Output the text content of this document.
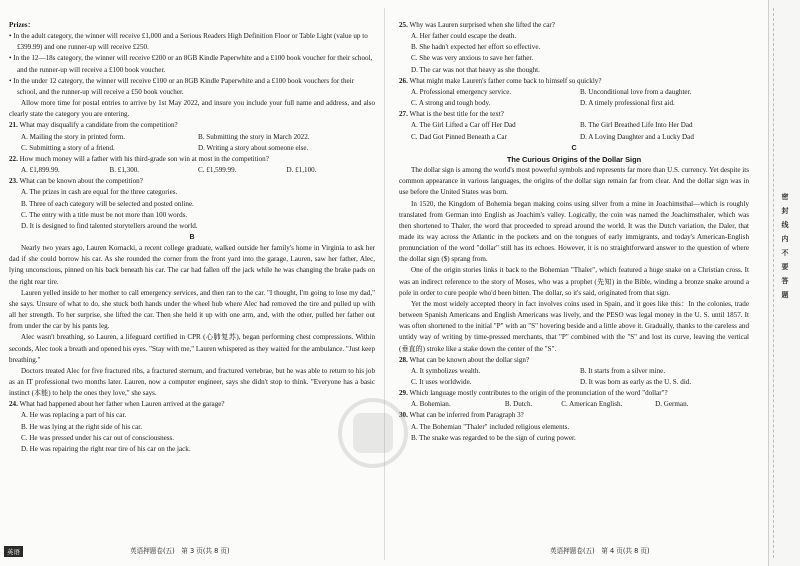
Prizes：
• In the adult category, the winner will receive £1,000 and a Serious Readers High Definition Floor or Table Light (value up to £399.99) and one runner-up will receive £250.
• In the 12—18s category, the winner will receive £200 or an 8GB Kindle Paperwhite and a £100 book voucher for their school, and the runner-up will receive a £100 book voucher.
• In the under 12 category, the winner will receive £100 or an 8GB Kindle Paperwhite and a £100 book vouchers for their school, and the runner-up will receive a £50 book voucher.
Allow more time for postal entries to arrive by 1st May 2022, and insure you include your full name and address, and also clearly state the category you are entering.
21. What may disqualify a candidate from the competition?
A. Mailing the story in printed form.	B. Submitting the story in March 2022.
C. Submitting a story of a friend.	D. Writing a story about someone else.
22. How much money will a father with his third-grade son win at most in the competition?
A. £1,899.99.	B. £1,300.	C. £1,599.99.	D. £1,100.
23. What can be known about the competition?
A. The prizes in cash are equal for the three categories.
B. Three of each category will be selected and posted online.
C. The entry with a title must be not more than 100 words.
D. It is designed to find talented storytellers around the world.
B
Nearly two years ago, Lauren Kornacki, a recent college graduate, walked outside her family's home in Virginia to ask her dad if she could borrow his car. As she rounded the corner from the front yard into the garage, Lauren, saw her father, Alec, lying unconscious, pinned on his back beneath his car. The car had fallen off the jack while he was changing the brake pads on the right rear tire.
Lauren yelled inside to her mother to call emergency services, and then ran to the car. "I thought, I'm going to lose my dad," she says. Unsure of what to do, she stuck both hands under the wheel hub where Alec had removed the tire and pulled up with all her strength. To her surprise, she lifted the car. Then she held it up with one arm, and, with the other, pulled her father out from under the car by his pants leg.
Alec wasn't breathing, so Lauren, a lifeguard certified in CPR (心肺复苏), began performing chest compressions. Within seconds, Alec took a breath and opened his eyes. "Stay with me," Lauren whispered as they waited for the ambulance. "Just keep breathing."
Doctors treated Alec for five fractured ribs, a fractured sternum, and fractured vertebrae, but he was able to return to his job as an IT professional two months later. Lauren, now a computer engineer, says she didn't stop to think. "Everyone has a basic instinct (本能) to help the ones they love," she says.
24. What had happened about her father when Lauren arrived at the garage?
A. He was replacing a part of his car.
B. He was lying at the right side of his car.
C. He was pressed under his car out of consciousness.
D. He was repairing the right rear tire of his car on the jack.
25. Why was Lauren surprised when she lifted the car?
A. Her father could escape the death.
B. She hadn't expected her effort so effective.
C. She was very anxious to save her father.
D. The car was not that heavy as she thought.
26. What might make Lauren's father come back to himself so quickly?
A. Professional emergency service.	B. Unconditional love from a daughter.
C. A strong and tough body.	D. A timely professional first aid.
27. What is the best title for the text?
A. The Girl Lifted a Car off Her Dad	B. The Girl Breathed Life Into Her Dad
C. Dad Got Pinned Beneath a Car	D. A Loving Daughter and a Lucky Dad
C
The Curious Origins of the Dollar Sign
The dollar sign is among the world's most powerful symbols and represents far more than U.S. currency. Yet despite its common appearance in various languages, the origins of the dollar sign remain far from clear. And the dollar sign was in use before the United States was born.
In 1520, the Kingdom of Bohemia began making coins using silver from a mine in Joachimsthal—which is roughly translated from German into English as Joachim's valley. Logically, the coin was named the Joachimsthaler, which was then shortened to Thaler, the word that proceeded to spread around the world. It was the Dutch variation, the Daler, that made its way across the Atlantic in the pockets and on the tongues of early immigrants, and today's American-English pronunciation of the word "dollar" still has its echoes. However, it is no straightforward answer to the question of where the dollar sign ($) sprang from.
One of the origin stories links it back to the Bohemian "Thaler", which featured a huge snake on a Christian cross. It was an indirect reference to the story of Moses, who was a prophet (先知) in the Bible, winding a bronze snake around a pole in order to cure people who'd been bitten. The dollar, so it's said, originated from that sign.
Yet the most widely accepted theory in fact involves coins used in Spain, and it goes like this：In the colonies, trade between Spanish Americans and English Americans was lively, and the PESO was legal money in the U. S. until 1857. It was often shortened to the initial "P" with an "S" hovering beside and a little above it. Gradually, thanks to the careless and untidy way of writing by time-pressed merchants, that "P" combined with the "S" and lost its curve, leaving the vertical (垂直的) stroke like a stake down the center of the "S".
28. What can be known about the dollar sign?
A. It symbolizes wealth.	B. It starts from a silver mine.
C. It uses worldwide.	D. It was born as early as the U. S. did.
29. Which language mostly contributes to the origin of the pronunciation of the word "dollar"?
A. Bohemian.	B. Dutch.	C. American English.	D. German.
30. What can be inferred from Paragraph 3?
A. The Bohemian "Thaler" included religious elements.
B. The snake was regarded to be the sign of curing power.
英语	英语押题卷(五)　第 3 页(共 8 页)	英语押题卷(五)　第 4 页(共 8 页)
密 封 线 内 不 要 答 题
